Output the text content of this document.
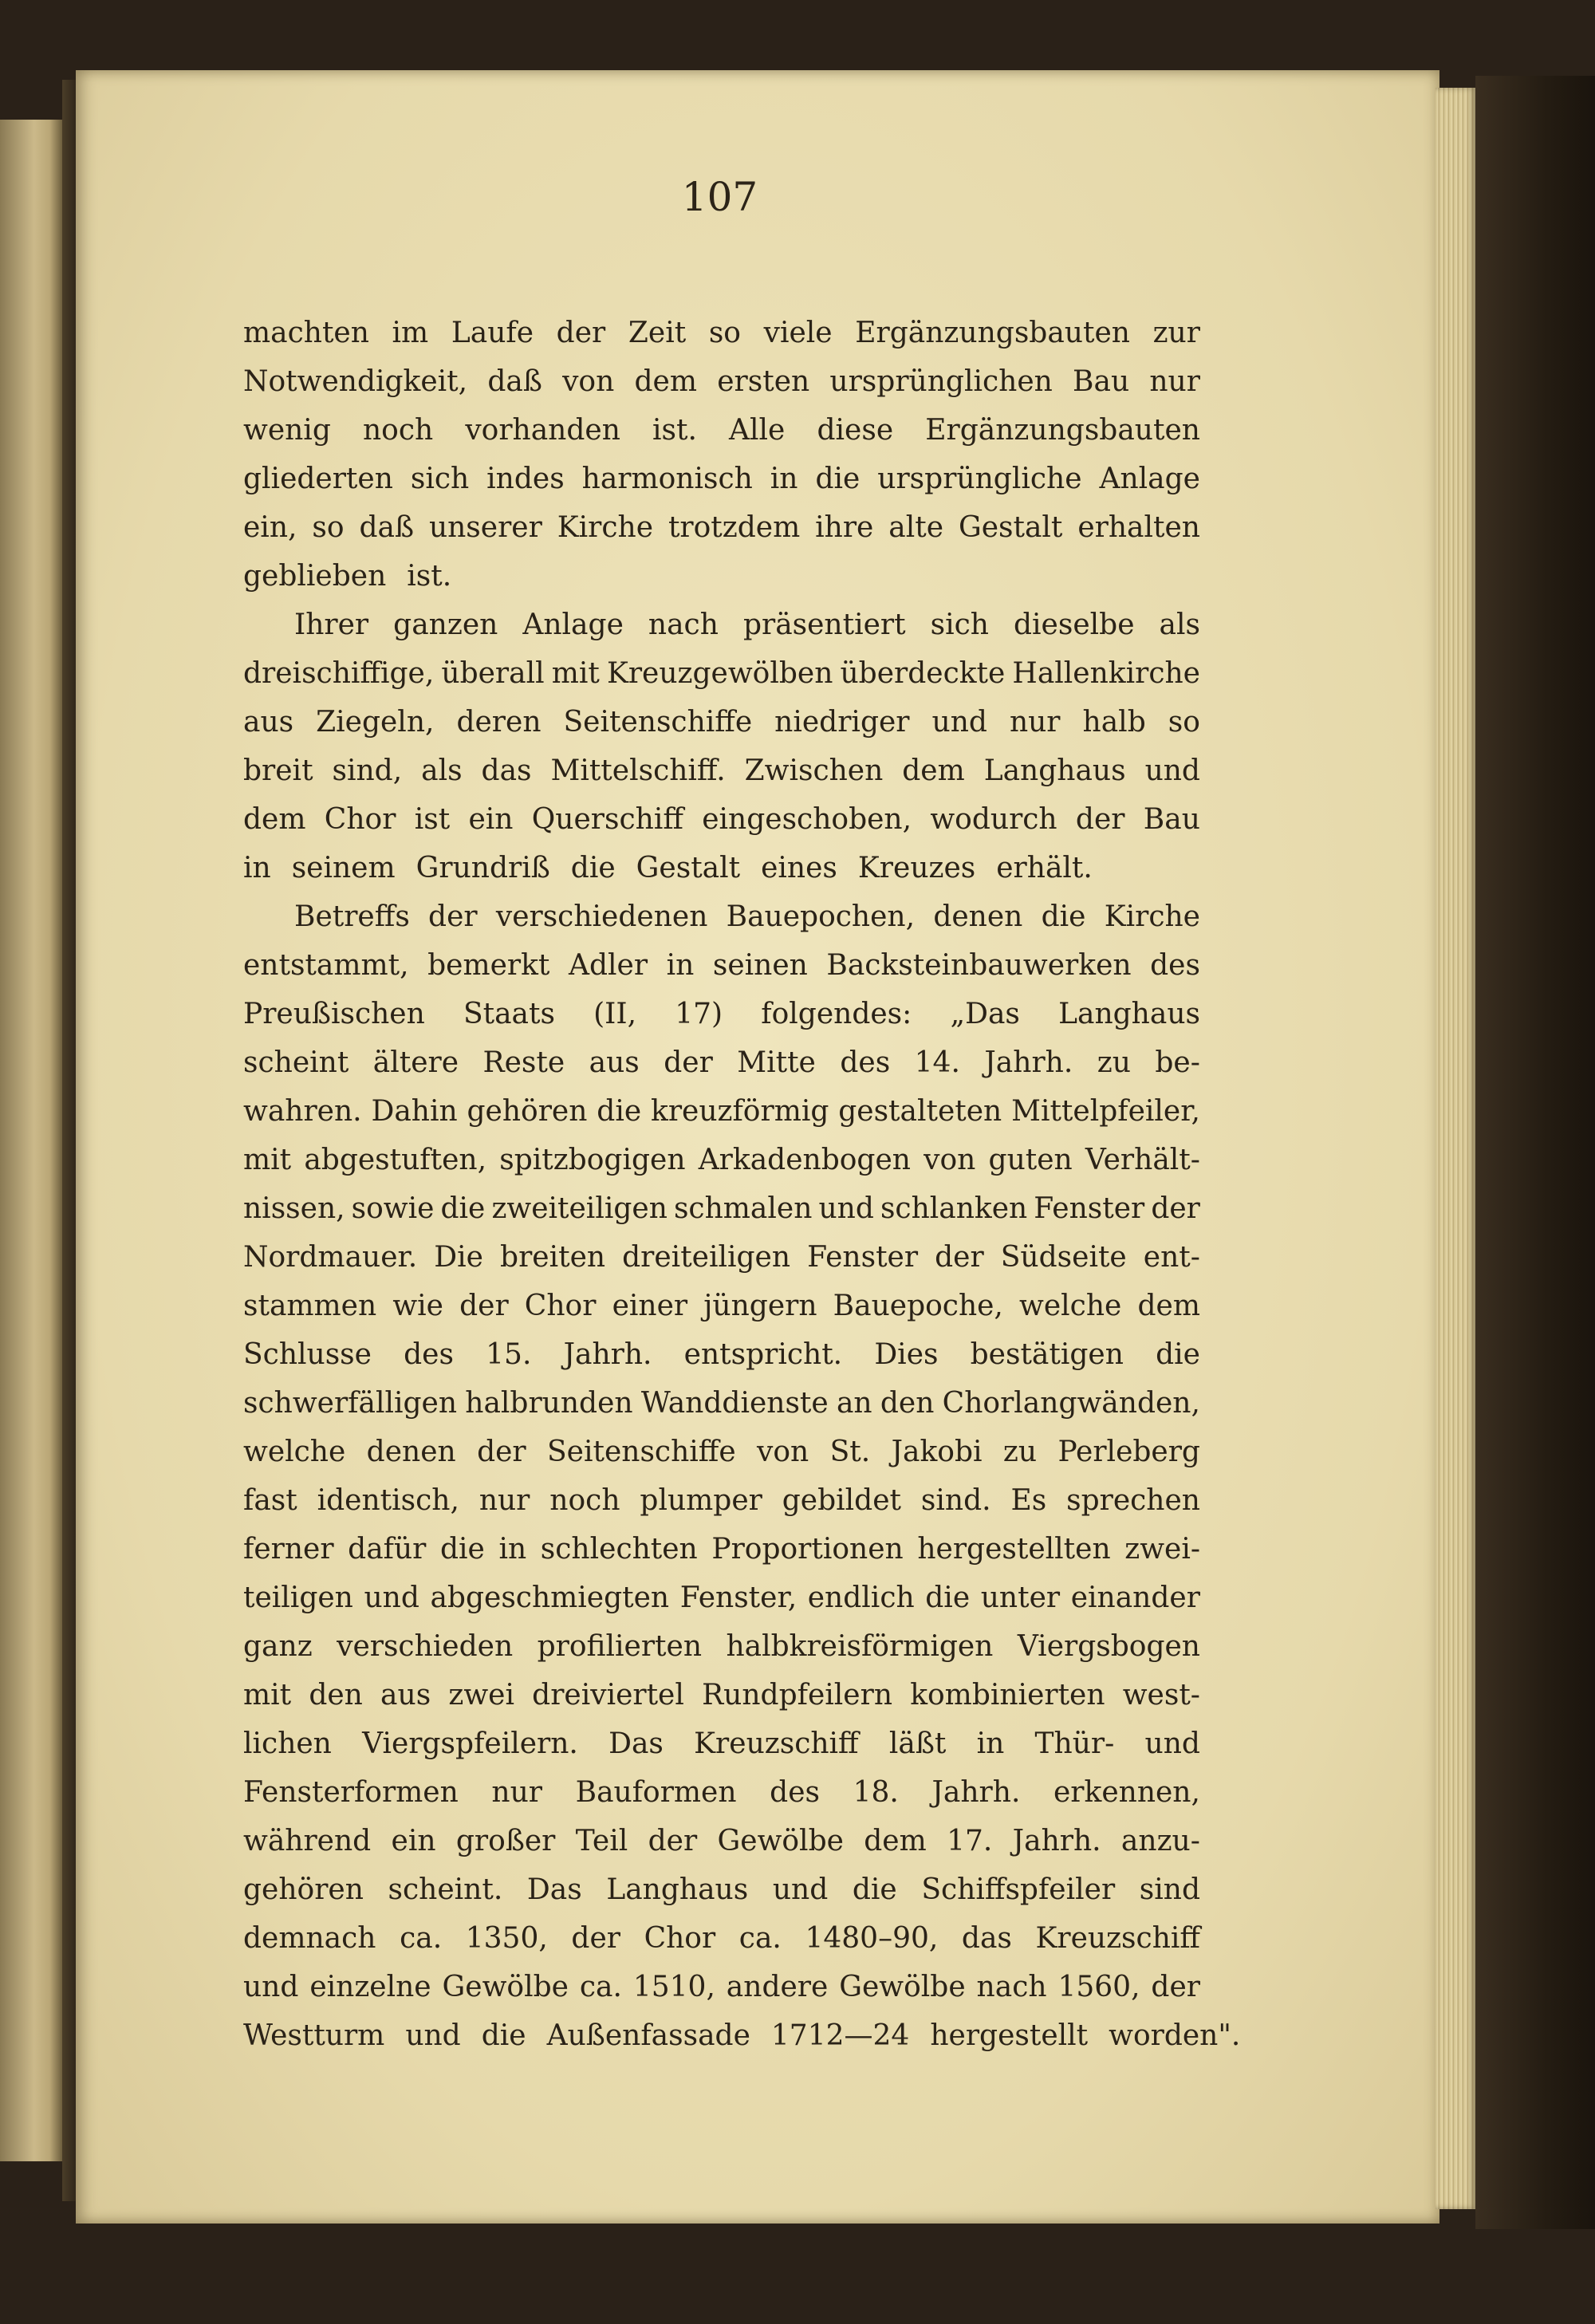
107

machten im Laufe der Zeit so viele Ergänzungsbauten zur
Notwendigkeit, daß von dem ersten ursprünglichen Bau nur
wenig noch vorhanden ist. Alle diese Ergänzungsbauten
gliederten sich indes harmonisch in die ursprüngliche Anlage
ein, so daß unserer Kirche trotzdem ihre alte Gestalt erhalten
geblieben ist.
Ihrer ganzen Anlage nach präsentiert sich dieselbe als
dreischiffige, überall mit Kreuzgewölben überdeckte Hallenkirche
aus Ziegeln, deren Seitenschiffe niedriger und nur halb so
breit sind, als das Mittelschiff. Zwischen dem Langhaus und
dem Chor ist ein Querschiff eingeschoben, wodurch der Bau
in seinem Grundriß die Gestalt eines Kreuzes erhält.
Betreffs der verschiedenen Bauepochen, denen die Kirche
entstammt, bemerkt Adler in seinen Backsteinbauwerken des
Preußischen Staats (II, 17) folgendes: „Das Langhaus
scheint ältere Reste aus der Mitte des 14. Jahrh. zu be-
wahren. Dahin gehören die kreuzförmig gestalteten Mittelpfeiler,
mit abgestuften, spitzbogigen Arkadenbogen von guten Verhält-
nissen, sowie die zweiteiligen schmalen und schlanken Fenster der
Nordmauer. Die breiten dreiteiligen Fenster der Südseite ent-
stammen wie der Chor einer jüngern Bauepoche, welche dem
Schlusse des 15. Jahrh. entspricht. Dies bestätigen die
schwerfälligen halbrunden Wanddienste an den Chorlangwänden,
welche denen der Seitenschiffe von St. Jakobi zu Perleberg
fast identisch, nur noch plumper gebildet sind. Es sprechen
ferner dafür die in schlechten Proportionen hergestellten zwei-
teiligen und abgeschmiegten Fenster, endlich die unter einander
ganz verschieden profilierten halbkreisförmigen Viergsbogen
mit den aus zwei dreiviertel Rundpfeilern kombinierten west-
lichen Viergspfeilern. Das Kreuzschiff läßt in Thür- und
Fensterformen nur Bauformen des 18. Jahrh. erkennen,
während ein großer Teil der Gewölbe dem 17. Jahrh. anzu-
gehören scheint. Das Langhaus und die Schiffspfeiler sind
demnach ca. 1350, der Chor ca. 1480–90, das Kreuzschiff
und einzelne Gewölbe ca. 1510, andere Gewölbe nach 1560, der
Westturm und die Außenfassade 1712—24 hergestellt worden".
